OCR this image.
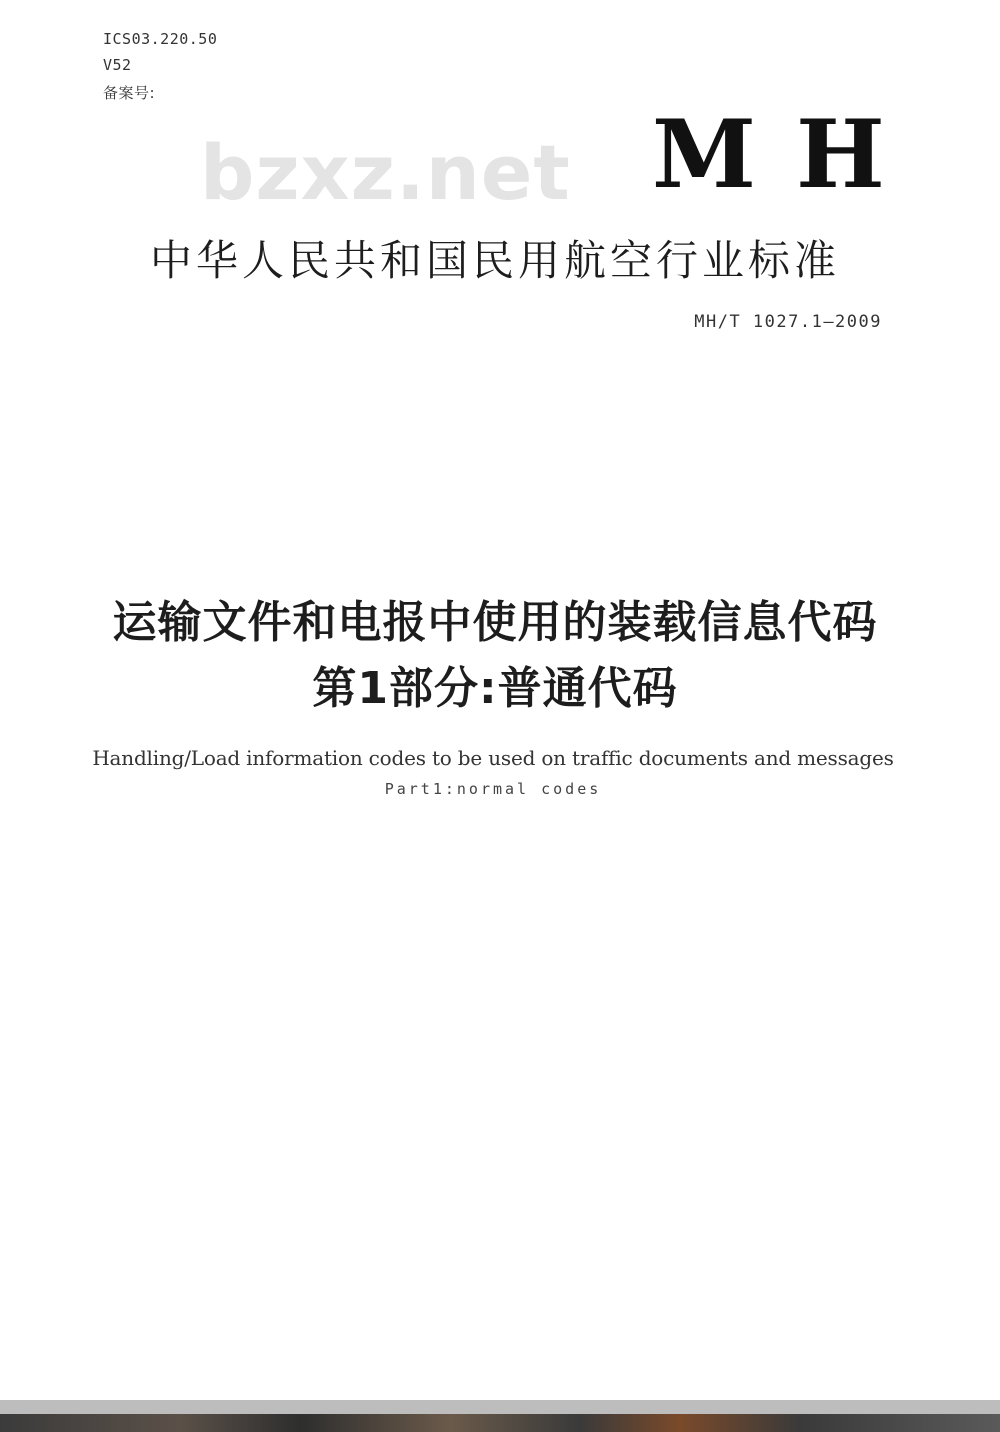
ICS03.220.50
V52
备案号:
bzxz.net MH
中华人民共和国民用航空行业标准
MH/T 1027.1—2009
运输文件和电报中使用的装载信息代码
第1部分:普通代码
Handling/Load information codes to be used on traffic documents and messages
Part1:normal codes
